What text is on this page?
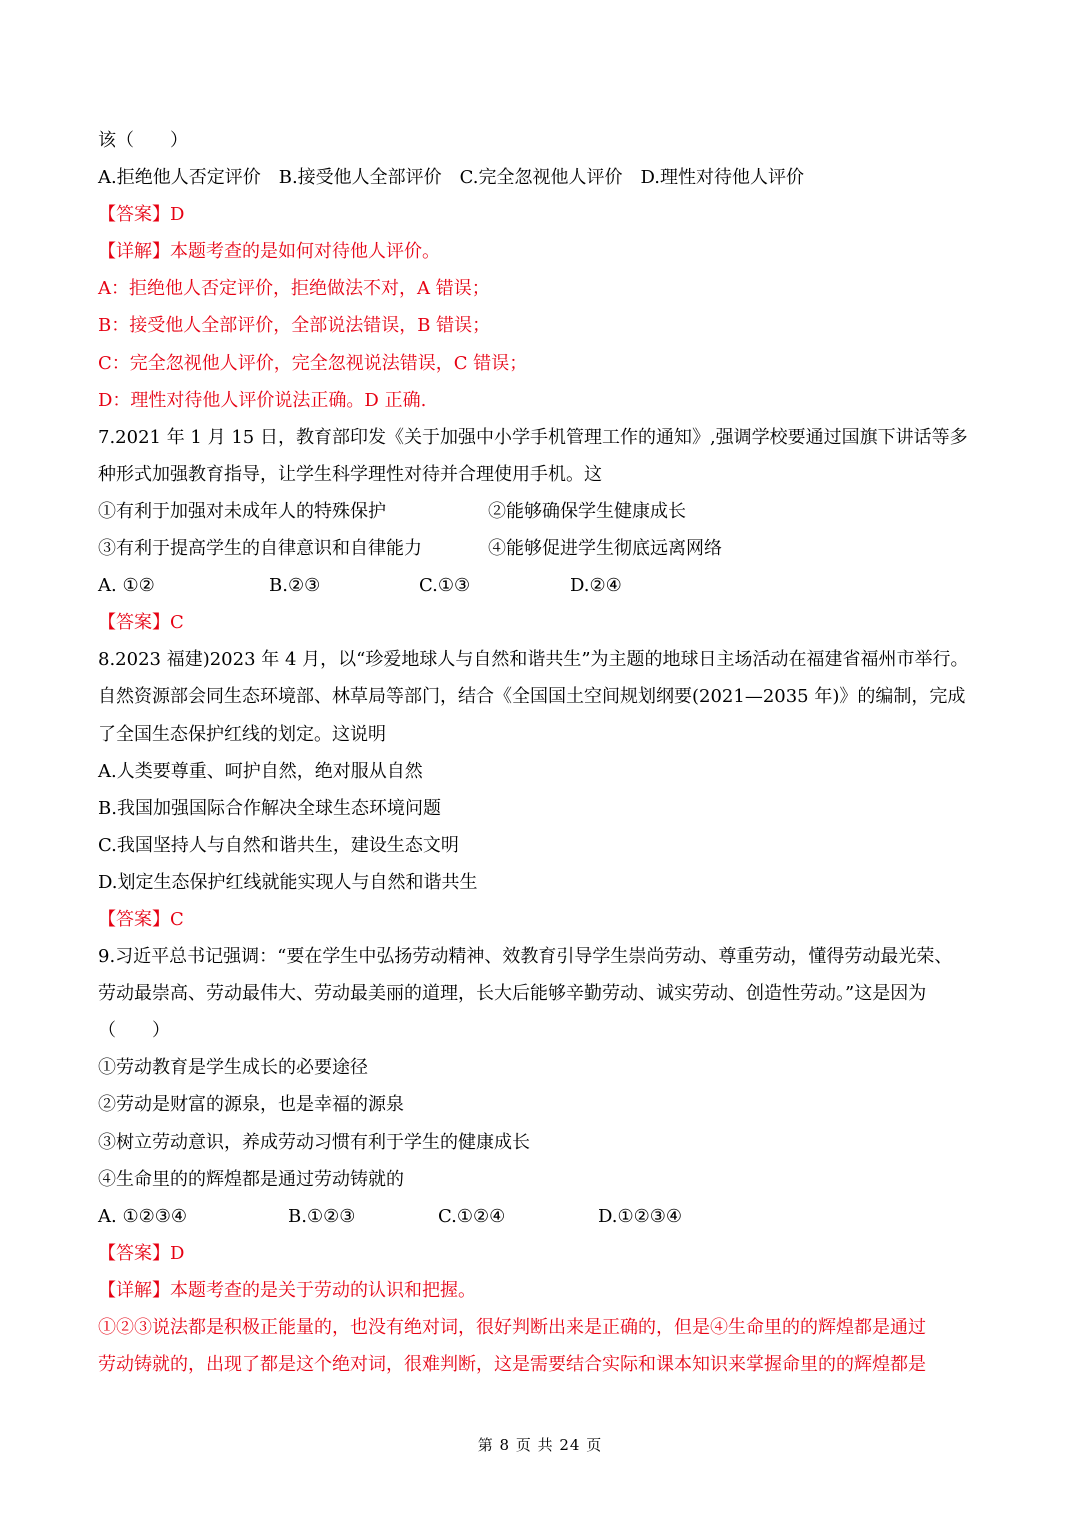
该（　　）
A.拒绝他人否定评价　B.接受他人全部评价　C.完全忽视他人评价　D.理性对待他人评价
【答案】D
【详解】本题考查的是如何对待他人评价。
A：拒绝他人否定评价，拒绝做法不对，A 错误；
B：接受他人全部评价，全部说法错误，B 错误；
C：完全忽视他人评价，完全忽视说法错误，C 错误；
D：理性对待他人评价说法正确。D 正确.
7.2021 年 1 月 15 日，教育部印发《关于加强中小学手机管理工作的通知》,强调学校要通过国旗下讲话等多
种形式加强教育指导，让学生科学理性对待并合理使用手机。这
①有利于加强对未成年人的特殊保护	②能够确保学生健康成长
③有利于提高学生的自律意识和自律能力	④能够促进学生彻底远离网络
A. ①②	B.②③	C.①③	D.②④
【答案】C
8.2023 福建)2023 年 4 月，以“珍爱地球人与自然和谐共生”为主题的地球日主场活动在福建省福州市举行。
自然资源部会同生态环境部、林草局等部门，结合《全国国土空间规划纲要(2021—2035 年)》的编制，完成
了全国生态保护红线的划定。这说明
A.人类要尊重、呵护自然，绝对服从自然
B.我国加强国际合作解决全球生态环境问题
C.我国坚持人与自然和谐共生，建设生态文明
D.划定生态保护红线就能实现人与自然和谐共生
【答案】C
9.习近平总书记强调：“要在学生中弘扬劳动精神、效教育引导学生崇尚劳动、尊重劳动，懂得劳动最光荣、
劳动最崇高、劳动最伟大、劳动最美丽的道理，长大后能够辛勤劳动、诚实劳动、创造性劳动。”这是因为
（　　）
①劳动教育是学生成长的必要途径
②劳动是财富的源泉，也是幸福的源泉
③树立劳动意识，养成劳动习惯有利于学生的健康成长
④生命里的的辉煌都是通过劳动铸就的
A. ①②③④	B.①②③	C.①②④	D.①②③④
【答案】D
【详解】本题考查的是关于劳动的认识和把握。
①②③说法都是积极正能量的，也没有绝对词，很好判断出来是正确的，但是④生命里的的辉煌都是通过
劳动铸就的，出现了都是这个绝对词，很难判断，这是需要结合实际和课本知识来掌握命里的的辉煌都是
第 8 页 共 24 页
